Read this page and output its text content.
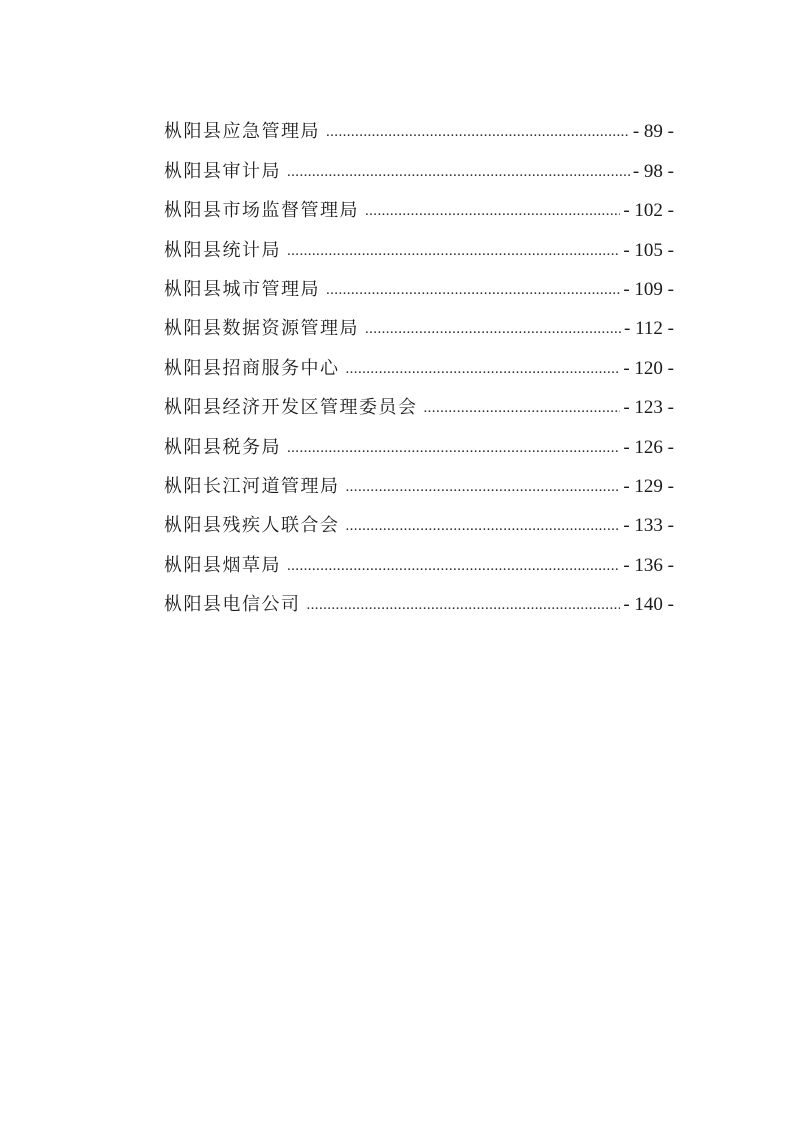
枞阳县应急管理局 .....	- 89 -
枞阳县审计局 .....	- 98 -
枞阳县市场监督管理局 .....	- 102 -
枞阳县统计局 .....	- 105 -
枞阳县城市管理局 .....	- 109 -
枞阳县数据资源管理局 .....	- 112 -
枞阳县招商服务中心 .....	- 120 -
枞阳县经济开发区管理委员会 .....	- 123 -
枞阳县税务局 .....	- 126 -
枞阳长江河道管理局 .....	- 129 -
枞阳县残疾人联合会 .....	- 133 -
枞阳县烟草局 .....	- 136 -
枞阳县电信公司 .....	- 140 -
